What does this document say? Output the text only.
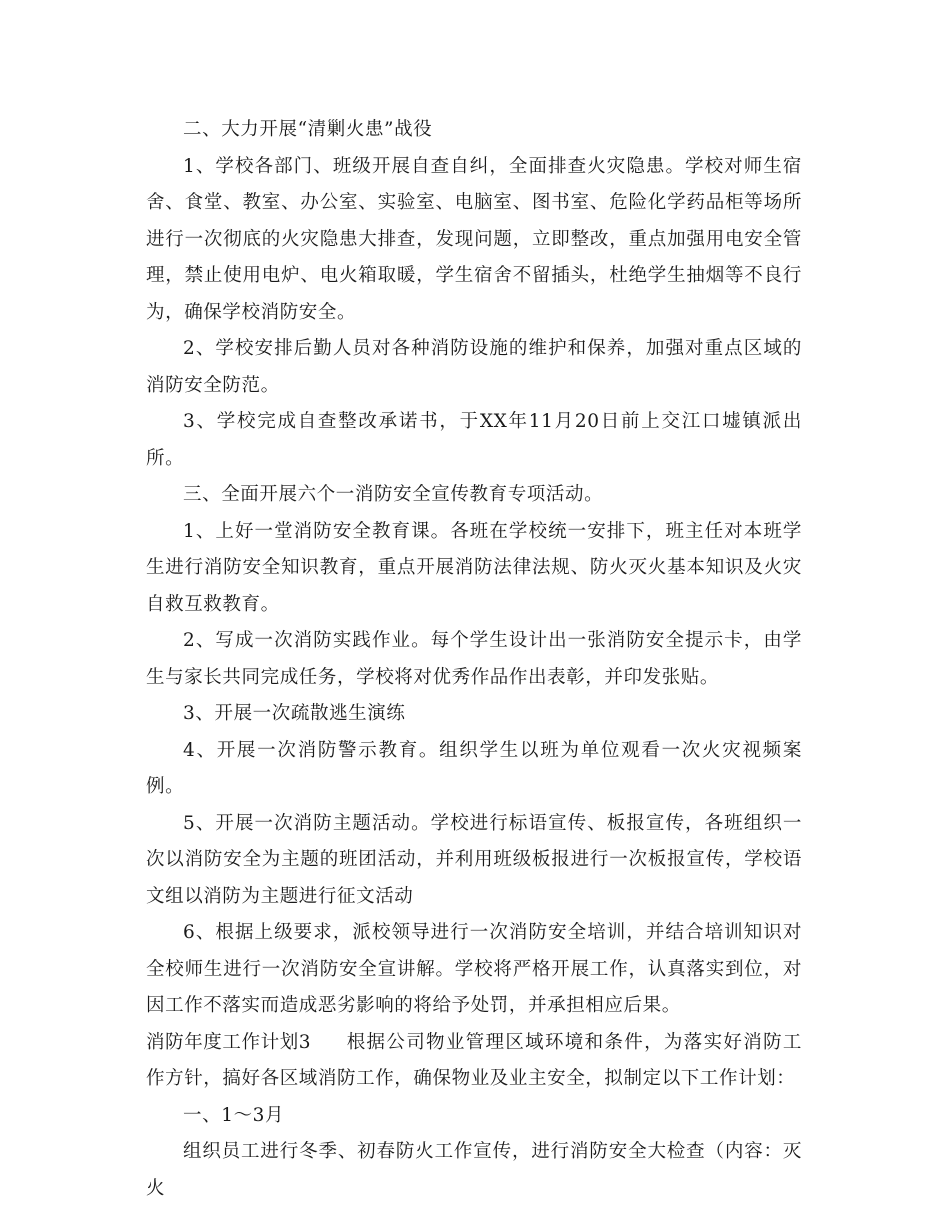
二、大力开展“清剿火患”战役

1、学校各部门、班级开展自查自纠，全面排查火灾隐患。学校对师生宿舍、食堂、教室、办公室、实验室、电脑室、图书室、危险化学药品柜等场所进行一次彻底的火灾隐患大排查，发现问题，立即整改，重点加强用电安全管理，禁止使用电炉、电火箱取暖，学生宿舍不留插头，杜绝学生抽烟等不良行为，确保学校消防安全。

2、学校安排后勤人员对各种消防设施的维护和保养，加强对重点区域的消防安全防范。

3、学校完成自查整改承诺书，于XX年11月20日前上交江口墟镇派出所。

三、全面开展六个一消防安全宣传教育专项活动。

1、上好一堂消防安全教育课。各班在学校统一安排下，班主任对本班学生进行消防安全知识教育，重点开展消防法律法规、防火灭火基本知识及火灾自救互救教育。

2、写成一次消防实践作业。每个学生设计出一张消防安全提示卡，由学生与家长共同完成任务，学校将对优秀作品作出表彰，并印发张贴。

3、开展一次疏散逃生演练

4、开展一次消防警示教育。组织学生以班为单位观看一次火灾视频案例。

5、开展一次消防主题活动。学校进行标语宣传、板报宣传，各班组织一次以消防安全为主题的班团活动，并利用班级板报进行一次板报宣传，学校语文组以消防为主题进行征文活动

6、根据上级要求，派校领导进行一次消防安全培训，并结合培训知识对全校师生进行一次消防安全宣讲解。学校将严格开展工作，认真落实到位，对因工作不落实而造成恶劣影响的将给予处罚，并承担相应后果。

消防年度工作计划3 根据公司物业管理区域环境和条件，为落实好消防工作方针，搞好各区域消防工作，确保物业及业主安全，拟制定以下工作计划：

一、1～3月

组织员工进行冬季、初春防火工作宣传，进行消防安全大检查（内容：灭火
